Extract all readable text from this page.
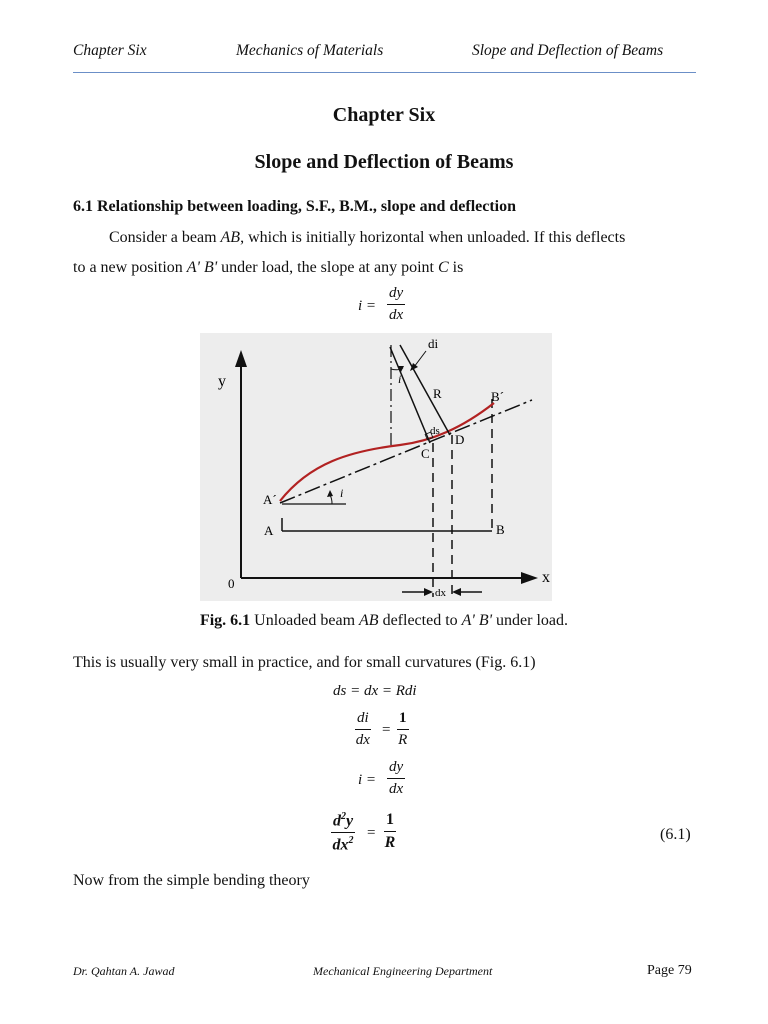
Chapter Six	Mechanics of Materials	Slope and Deflection of Beams
Chapter Six
Slope and Deflection of Beams
6.1 Relationship between loading, S.F., B.M., slope and deflection
Consider a beam AB, which is initially horizontal when unloaded. If this deflects
to a new position A' B' under load, the slope at any point C is
$i = \frac{dy}{dx}$
i
i
di
y
x
0
A´
A	B
B´
C
D
R
ds
dx
Fig. 6.1 Unloaded beam AB deflected to A' B' under load.
This is usually very small in practice, and for small curvatures (Fig. 6.1)
ds = dx = Rdi
$\frac{di}{dx} = \frac{1}{R}$
$i = \frac{dy}{dx}$
$\frac{d^2y}{dx^2} = \frac{1}{R}$	(6.1)
Now from the simple bending theory
Dr. Qahtan A. Jawad	Mechanical Engineering Department	Page 79
